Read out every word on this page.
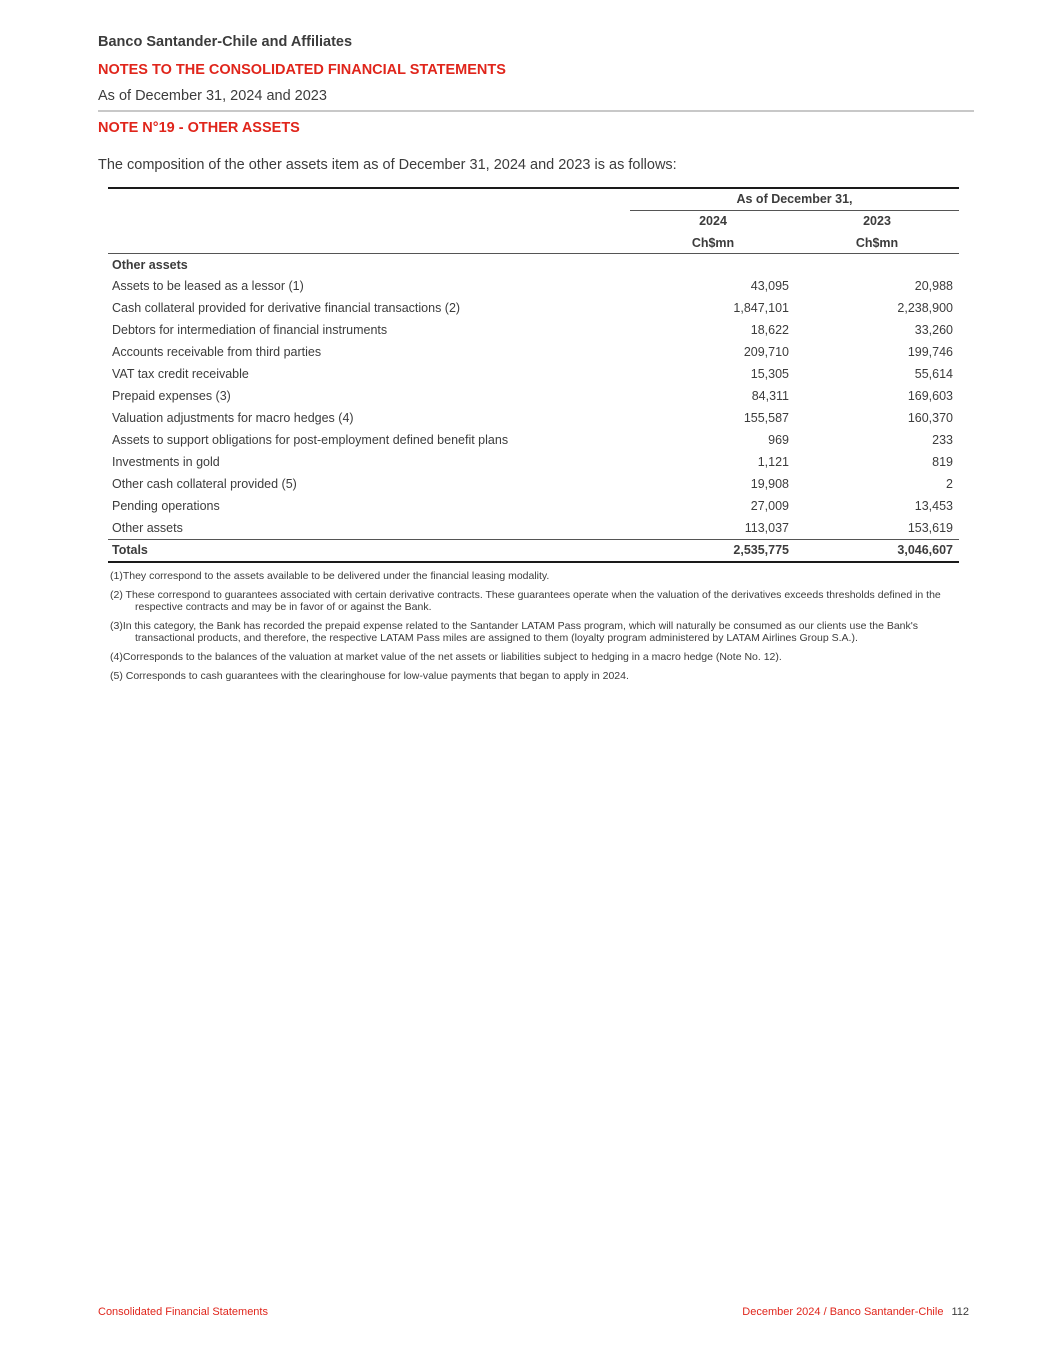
Banco Santander-Chile and Affiliates
NOTES TO THE CONSOLIDATED FINANCIAL STATEMENTS
As of December 31, 2024 and 2023
NOTE N°19 - OTHER ASSETS
The composition of the other assets item as of December 31, 2024 and 2023 is as follows:
As of December 31,
2024	2023
Ch$mn	Ch$mn
Other assets
Assets to be leased as a lessor (1)	43,095	20,988
Cash collateral provided for derivative financial transactions (2)	1,847,101	2,238,900
Debtors for intermediation of financial instruments	18,622	33,260
Accounts receivable from third parties	209,710	199,746
VAT tax credit receivable	15,305	55,614
Prepaid expenses (3)	84,311	169,603
Valuation adjustments for macro hedges (4)	155,587	160,370
Assets to support obligations for post-employment defined benefit plans	969	233
Investments in gold	1,121	819
Other cash collateral provided (5)	19,908	2
Pending operations	27,009	13,453
Other assets	113,037	153,619
Totals	2,535,775	3,046,607
(1)They correspond to the assets available to be delivered under the financial leasing modality.
(2) These correspond to guarantees associated with certain derivative contracts. These guarantees operate when the valuation of the derivatives exceeds thresholds defined in the respective contracts and may be in favor of or against the Bank.
(3)In this category, the Bank has recorded the prepaid expense related to the Santander LATAM Pass program, which will naturally be consumed as our clients use the Bank's transactional products, and therefore, the respective LATAM Pass miles are assigned to them (loyalty program administered by LATAM Airlines Group S.A.).
(4)Corresponds to the balances of the valuation at market value of the net assets or liabilities subject to hedging in a macro hedge (Note No. 12).
(5) Corresponds to cash guarantees with the clearinghouse for low-value payments that began to apply in 2024.
Consolidated Financial Statements	December 2024 / Banco Santander-Chile 112
